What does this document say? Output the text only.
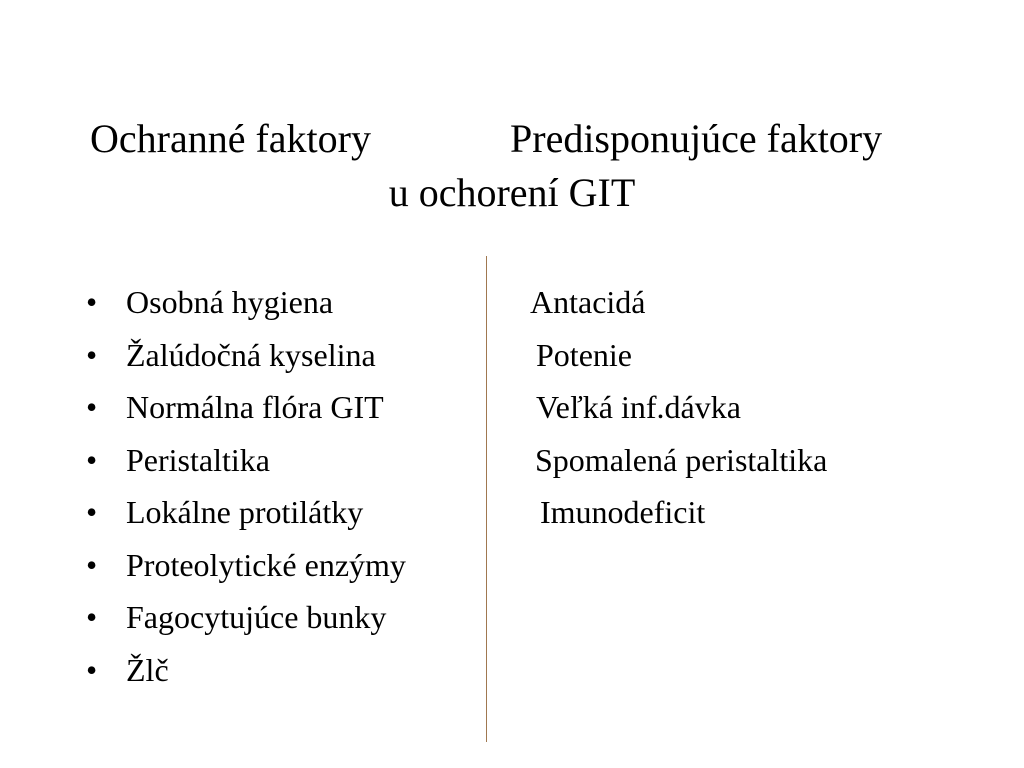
Ochranné faktory	Predisponujúce faktory
u ochorení GIT
• Osobná hygiena
• Žalúdočná kyselina
• Normálna flóra GIT
• Peristaltika
• Lokálne protilátky
• Proteolytické enzýmy
• Fagocytujúce bunky
• Žlč
Antacidá
Potenie
Veľká inf.dávka
Spomalená peristaltika
Imunodeficit
